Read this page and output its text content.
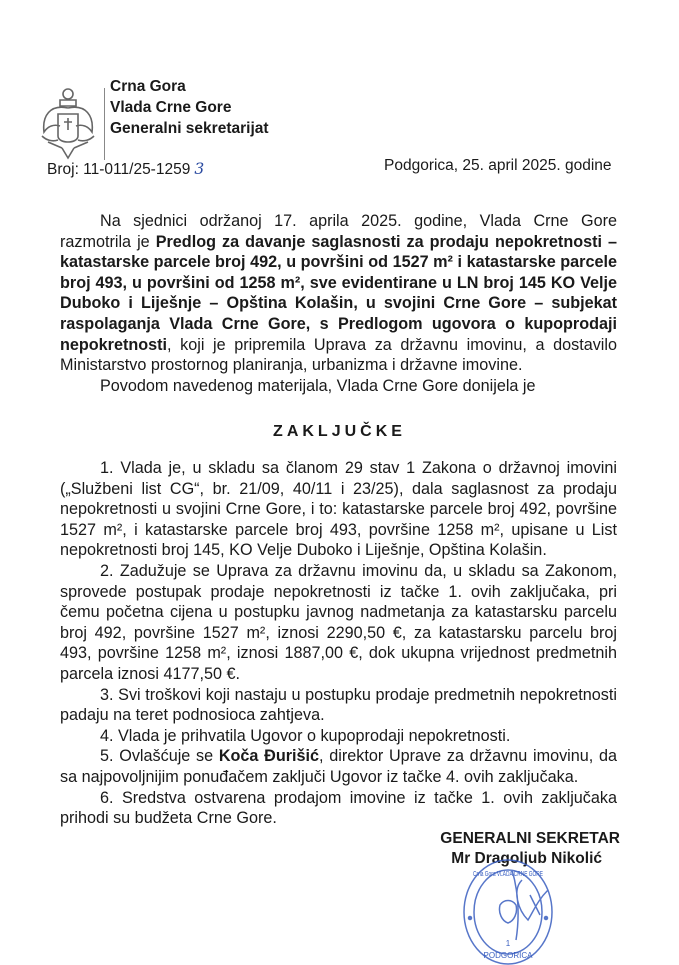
Crna Gora
Vlada Crne Gore
Generalni sekretarijat
Broj: 11-011/25-1259 3	Podgorica, 25. april 2025. godine

Na sjednici održanoj 17. aprila 2025. godine, Vlada Crne Gore razmotrila je Predlog za davanje saglasnosti za prodaju nepokretnosti – katastarske parcele broj 492, u površini od 1527 m² i katastarske parcele broj 493, u površini od 1258 m², sve evidentirane u LN broj 145 KO Velje Duboko i Liješnje – Opština Kolašin, u svojini Crne Gore – subjekat raspolaganja Vlada Crne Gore, s Predlogom ugovora o kupoprodaji nepokretnosti, koji je pripremila Uprava za državnu imovinu, a dostavilo Ministarstvo prostornog planiranja, urbanizma i državne imovine.

Povodom navedenog materijala, Vlada Crne Gore donijela je

ZAKLJUČKE

1. Vlada je, u skladu sa članom 29 stav 1 Zakona o državnoj imovini („Službeni list CG“, br. 21/09, 40/11 i 23/25), dala saglasnost za prodaju nepokretnosti u svojini Crne Gore, i to: katastarske parcele broj 492, površine 1527 m², i katastarske parcele broj 493, površine 1258 m², upisane u List nepokretnosti broj 145, KO Velje Duboko i Liješnje, Opština Kolašin.

2. Zadužuje se Uprava za državnu imovinu da, u skladu sa Zakonom, sprovede postupak prodaje nepokretnosti iz tačke 1. ovih zaključaka, pri čemu početna cijena u postupku javnog nadmetanja za katastarsku parcelu broj 492, površine 1527 m², iznosi 2290,50 €, za katastarsku parcelu broj 493, površine 1258 m², iznosi 1887,00 €, dok ukupna vrijednost predmetnih parcela iznosi 4177,50 €.

3. Svi troškovi koji nastaju u postupku prodaje predmetnih nepokretnosti padaju na teret podnosioca zahtjeva.

4. Vlada je prihvatila Ugovor o kupoprodaji nepokretnosti.

5. Ovlašćuje se Koča Đurišić, direktor Uprave za državnu imovinu, da sa najpovoljnijim ponuđačem zaključi Ugovor iz tačke 4. ovih zaključaka.

6. Sredstva ostvarena prodajom imovine iz tačke 1. ovih zaključaka prihodi su budžeta Crne Gore.

GENERALNI SEKRETAR
Mr Dragoljub Nikolić
1
PODGORICA
Crna Gora VLADA CRNE GORE
